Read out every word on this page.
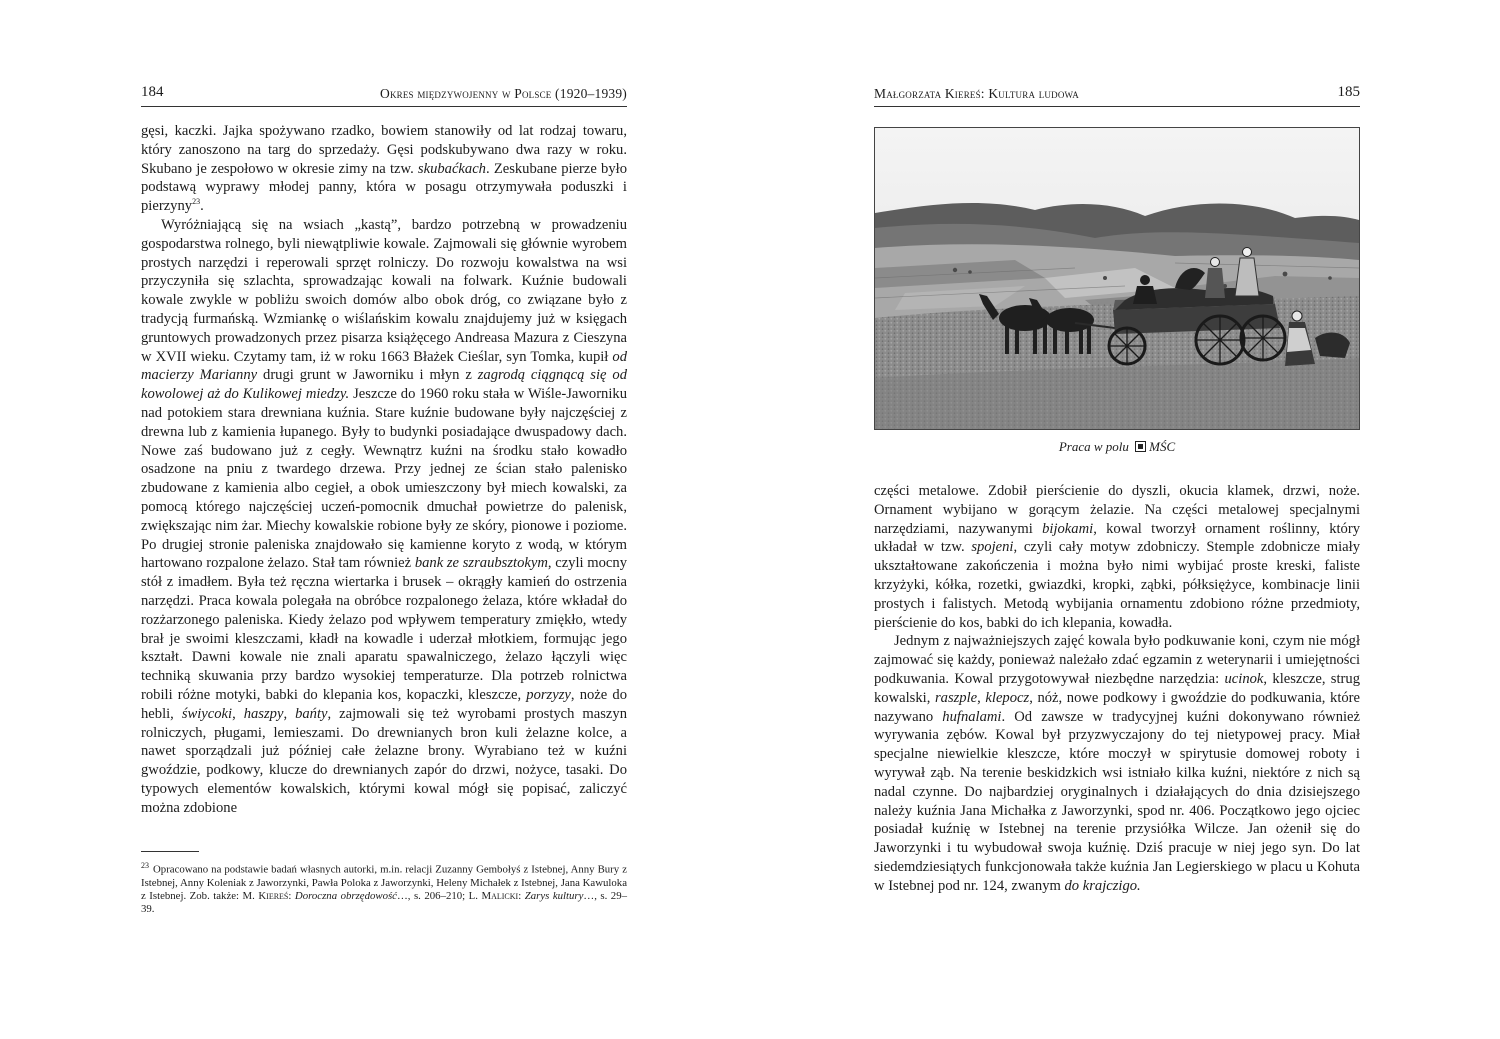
184	Okres międzywojenny w Polsce (1920–1939)

gęsi, kaczki. Jajka spożywano rzadko, bowiem stanowiły od lat rodzaj towaru, który zanoszono na targ do sprzedaży. Gęsi podskubywano dwa razy w roku. Skubano je zespołowo w okresie zimy na tzw. skubaćkach. Zeskubane pierze było podstawą wyprawy młodej panny, która w posagu otrzymywała poduszki i pierzyny$^{23}$.

Wyróżniającą się na wsiach „kastą”, bardzo potrzebną w prowadzeniu gospodarstwa rolnego, byli niewątpliwie kowale. Zajmowali się głównie wyrobem prostych narzędzi i reperowali sprzęt rolniczy. Do rozwoju kowalstwa na wsi przyczyniła się szlachta, sprowadzając kowali na folwark. Kuźnie budowali kowale zwykle w pobliżu swoich domów albo obok dróg, co związane było z tradycją furmańską. Wzmiankę o wiślańskim kowalu znajdujemy już w księgach gruntowych prowadzonych przez pisarza książęcego Andreasa Mazura z Cieszyna w XVII wieku. Czytamy tam, iż w roku 1663 Błażek Cieślar, syn Tomka, kupił od macierzy Marianny drugi grunt w Jaworniku i młyn z zagrodą ciągnącą się od kowolowej aż do Kulikowej miedzy. Jeszcze do 1960 roku stała w Wiśle-Jaworniku nad potokiem stara drewniana kuźnia. Stare kuźnie budowane były najczęściej z drewna lub z kamienia łupanego. Były to budynki posiadające dwuspadowy dach. Nowe zaś budowano już z cegły. Wewnątrz kuźni na środku stało kowadło osadzone na pniu z twardego drzewa. Przy jednej ze ścian stało palenisko zbudowane z kamienia albo cegieł, a obok umieszczony był miech kowalski, za pomocą którego najczęściej uczeń-pomocnik dmuchał powietrze do palenisk, zwiększając nim żar. Miechy kowalskie robione były ze skóry, pionowe i poziome. Po drugiej stronie paleniska znajdowało się kamienne koryto z wodą, w którym hartowano rozpalone żelazo. Stał tam również bank ze szraubsztokym, czyli mocny stół z imadłem. Była też ręczna wiertarka i brusek – okrągły kamień do ostrzenia narzędzi. Praca kowala polegała na obróbce rozpalonego żelaza, które wkładał do rozżarzonego paleniska. Kiedy żelazo pod wpływem temperatury zmiękło, wtedy brał je swoimi kleszczami, kładł na kowadle i uderzał młotkiem, formując jego kształt. Dawni kowale nie znali aparatu spawalniczego, żelazo łączyli więc techniką skuwania przy bardzo wysokiej temperaturze. Dla potrzeb rolnictwa robili różne motyki, babki do klepania kos, kopaczki, kleszcze, porzyzy, noże do hebli, świycoki, haszpy, bańty, zajmowali się też wyrobami prostych maszyn rolniczych, pługami, lemieszami. Do drewnianych bron kuli żelazne kolce, a nawet sporządzali już później całe żelazne brony. Wyrabiano też w kuźni gwoździe, podkowy, klucze do drewnianych zapór do drzwi, nożyce, tasaki. Do typowych elementów kowalskich, którymi kowal mógł się popisać, zaliczyć można zdobione

$^{23}$ Opracowano na podstawie badań własnych autorki, m.in. relacji Zuzanny Gembołyś z Istebnej, Anny Bury z Istebnej, Anny Koleniak z Jaworzynki, Pawła Poloka z Jaworzynki, Heleny Michałek z Istebnej, Jana Kawuloka z Istebnej. Zob. także: M. Kiereś: Doroczna obrzędowość…, s. 206–210; L. Malicki: Zarys kultury…, s. 29–39.
Małgorzata Kiereś: Kultura ludowa	185
Praca w polu MŚC

części metalowe. Zdobił pierścienie do dyszli, okucia klamek, drzwi, noże. Ornament wybijano w gorącym żelazie. Na części metalowej specjalnymi narzędziami, nazywanymi bijokami, kowal tworzył ornament roślinny, który układał w tzw. spojeni, czyli cały motyw zdobniczy. Stemple zdobnicze miały ukształtowane zakończenia i można było nimi wybijać proste kreski, faliste krzyżyki, kółka, rozetki, gwiazdki, kropki, ząbki, półksiężyce, kombinacje linii prostych i falistych. Metodą wybijania ornamentu zdobiono różne przedmioty, pierścienie do kos, babki do ich klepania, kowadła.

Jednym z najważniejszych zajęć kowala było podkuwanie koni, czym nie mógł zajmować się każdy, ponieważ należało zdać egzamin z weterynarii i umiejętności podkuwania. Kowal przygotowywał niezbędne narzędzia: ucinok, kleszcze, strug kowalski, raszple, klepocz, nóż, nowe podkowy i gwoździe do podkuwania, które nazywano hufnalami. Od zawsze w tradycyjnej kuźni dokonywano również wyrywania zębów. Kowal był przyzwyczajony do tej nietypowej pracy. Miał specjalne niewielkie kleszcze, które moczył w spirytusie domowej roboty i wyrywał ząb. Na terenie beskidzkich wsi istniało kilka kuźni, niektóre z nich są nadal czynne. Do najbardziej oryginalnych i działających do dnia dzisiejszego należy kuźnia Jana Michałka z Jaworzynki, spod nr. 406. Początkowo jego ojciec posiadał kuźnię w Istebnej na terenie przysiółka Wilcze. Jan ożenił się do Jaworzynki i tu wybudował swoja kuźnię. Dziś pracuje w niej jego syn. Do lat siedemdziesiątych funkcjonowała także kuźnia Jan Legierskiego w placu u Kohuta w Istebnej pod nr. 124, zwanym do krajczigo.
